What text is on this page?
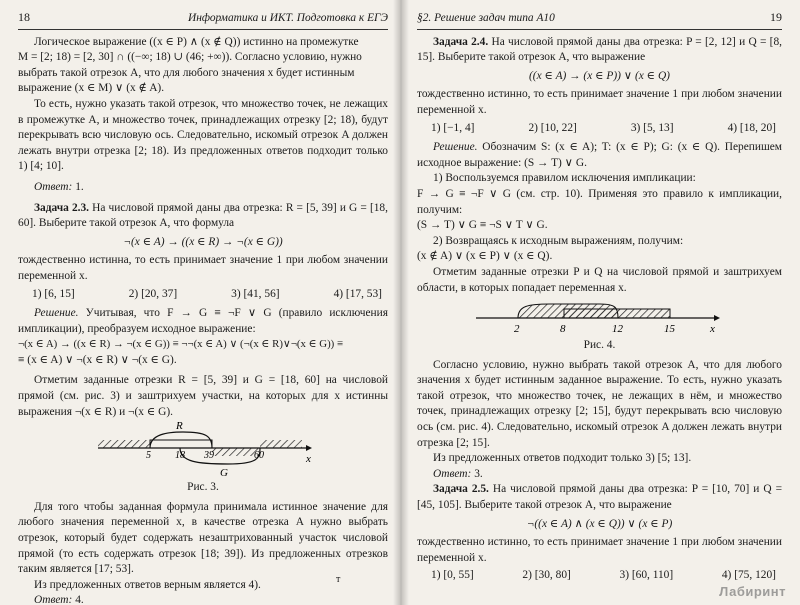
18	Информатика и ИКТ. Подготовка к ЕГЭ

Логическое выражение ((x ∈ P) ∧ (x ∉ Q)) истинно на промежутке

M = [2; 18) = [2, 30] ∩ ((−∞; 18) ∪ (46; +∞)). Согласно условию, нужно

выбрать такой отрезок A, что для любого значения x будет истинным

выражение (x ∈ M) ∨ (x ∉ A).

То есть, нужно указать такой отрезок, что множество точек, не лежащих в промежутке A, и множество точек, принадлежащих отрезку [2; 18), будут перекрывать всю числовую ось. Следовательно, искомый отрезок A должен лежать внутри отрезка [2; 18). Из предложенных ответов подходит только 1) [4; 10].

Ответ: 1.

Задача 2.3. На числовой прямой даны два отрезка: R = [5, 39] и G = [18, 60]. Выберите такой отрезок A, что формула

¬(x ∈ A) → ((x ∈ R) → ¬(x ∈ G))

тождественно истинна, то есть принимает значение 1 при любом значении переменной x.

1) [6, 15]	2) [20, 37]	3) [41, 56]	4) [17, 53]

Решение. Учитывая, что F → G ≡ ¬F ∨ G (правило исключения импликации), преобразуем исходное выражение:

¬(x ∈ A) → ((x ∈ R) → ¬(x ∈ G)) ≡ ¬¬(x ∈ A) ∨ (¬(x ∈ R)∨¬(x ∈ G)) ≡

≡ (x ∈ A) ∨ ¬(x ∈ R) ∨ ¬(x ∈ G).

Отметим заданные отрезки R = [5, 39] и G = [18, 60] на числовой прямой (см. рис. 3) и заштрихуем участки, на которых для x истинны выражения ¬(x ∈ R) и ¬(x ∈ G).

R
G
5 18 39	60	x
Рис. 3.

Для того чтобы заданная формула принимала истинное значение для любого значения переменной x, в качестве отрезка A нужно выбрать отрезок, который будет содержать незаштрихованный участок числовой прямой (то есть содержать отрезок [18; 39]). Из предложенных отрезков таким является [17; 53].

Из предложенных ответов верным является 4).

Ответ: 4.

т
§2. Решение задач типа А10	19

Задача 2.4. На числовой прямой даны два отрезка: P = [2, 12] и Q = [8, 15]. Выберите такой отрезок A, что выражение

((x ∈ A) → (x ∈ P)) ∨ (x ∈ Q)

тождественно истинно, то есть принимает значение 1 при любом значении переменной x.

1) [−1, 4]	2) [10, 22]	3) [5, 13]	4) [18, 20]

Решение. Обозначим S: (x ∈ A); T: (x ∈ P); G: (x ∈ Q). Перепишем исходное выражение: (S → T) ∨ G.

1) Воспользуемся правилом исключения импликации:

F → G ≡ ¬F ∨ G (см. стр. 10). Применяя это правило к импликации, получим:

(S → T) ∨ G ≡ ¬S ∨ T ∨ G.

2) Возвращаясь к исходным выражениям, получим:

(x ∉ A) ∨ (x ∈ P) ∨ (x ∈ Q).

Отметим заданные отрезки P и Q на числовой прямой и заштрихуем области, в которых попадает переменная x.

2	8	12	15	x
Рис. 4.

Согласно условию, нужно выбрать такой отрезок A, что для любого значения x будет истинным заданное выражение. То есть, нужно указать такой отрезок, что множество точек, не лежащих в нём, и множество точек, принадлежащих отрезку [2; 15], будут перекрывать всю числовую ось (см. рис. 4). Следовательно, искомый отрезок A должен лежать внутри отрезка [2; 15].

Из предложенных ответов подходит только 3) [5; 13].

Ответ: 3.

Задача 2.5. На числовой прямой даны два отрезка: P = [10, 70] и Q = [45, 105]. Выберите такой отрезок A, что выражение

¬((x ∈ A) ∧ (x ∈ Q)) ∨ (x ∈ P)

тождественно истинно, то есть принимает значение 1 при любом значении переменной x.

1) [0, 55]	2) [30, 80]	3) [60, 110]	4) [75, 120]
Лабиринт
